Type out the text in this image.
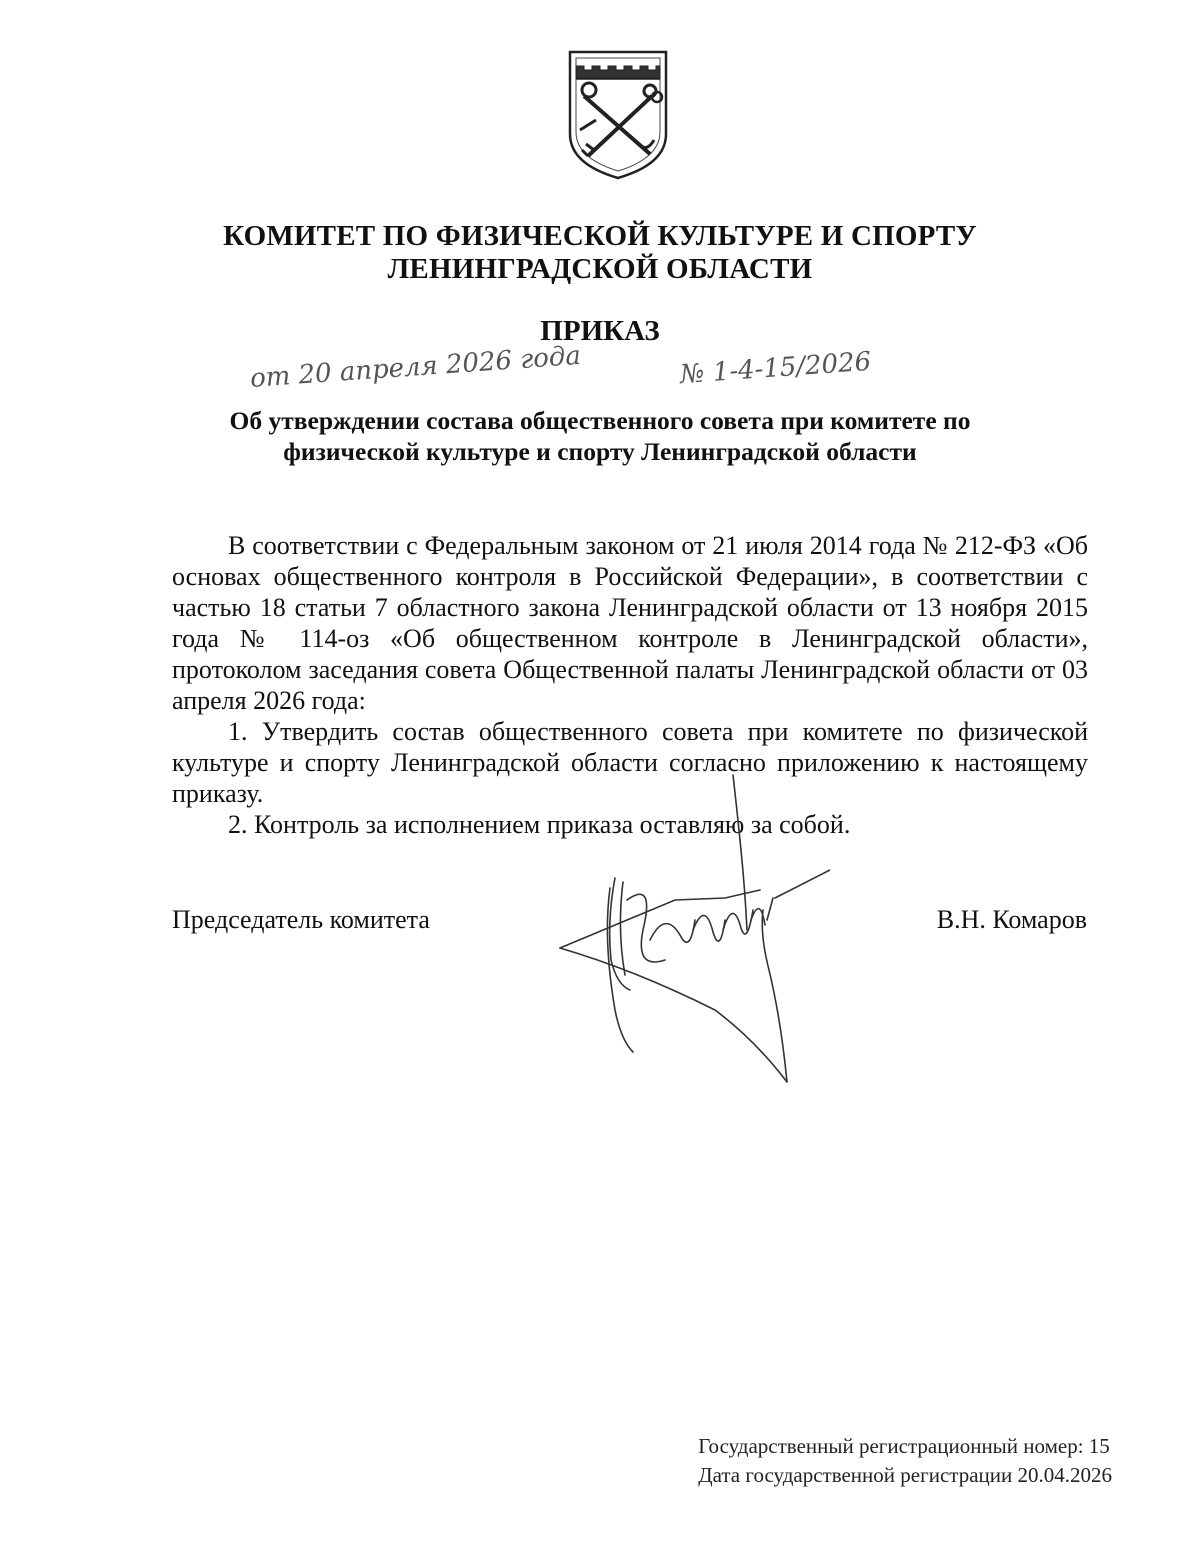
КОМИТЕТ ПО ФИЗИЧЕСКОЙ КУЛЬТУРЕ И СПОРТУ
ЛЕНИНГРАДСКОЙ ОБЛАСТИ
ПРИКАЗ
от 20 апреля 2026 года	№ 1-4-15/2026
Об утверждении состава общественного совета при комитете по
физической культуре и спорту Ленинградской области

В соответствии с Федеральным законом от 21 июля 2014 года № 212-ФЗ «Об основах общественного контроля в Российской Федерации», в соответствии с частью 18 статьи 7 областного закона Ленинградской области от 13 ноября 2015 года № 114-оз «Об общественном контроле в Ленинградской области», протоколом заседания совета Общественной палаты Ленинградской области от 03 апреля 2026 года:

1. Утвердить состав общественного совета при комитете по физической культуре и спорту Ленинградской области согласно приложению к настоящему приказу.

2. Контроль за исполнением приказа оставляю за собой.

Председатель комитета	В.Н. Комаров
Государственный регистрационный номер: 15
Дата государственной регистрации 20.04.2026
